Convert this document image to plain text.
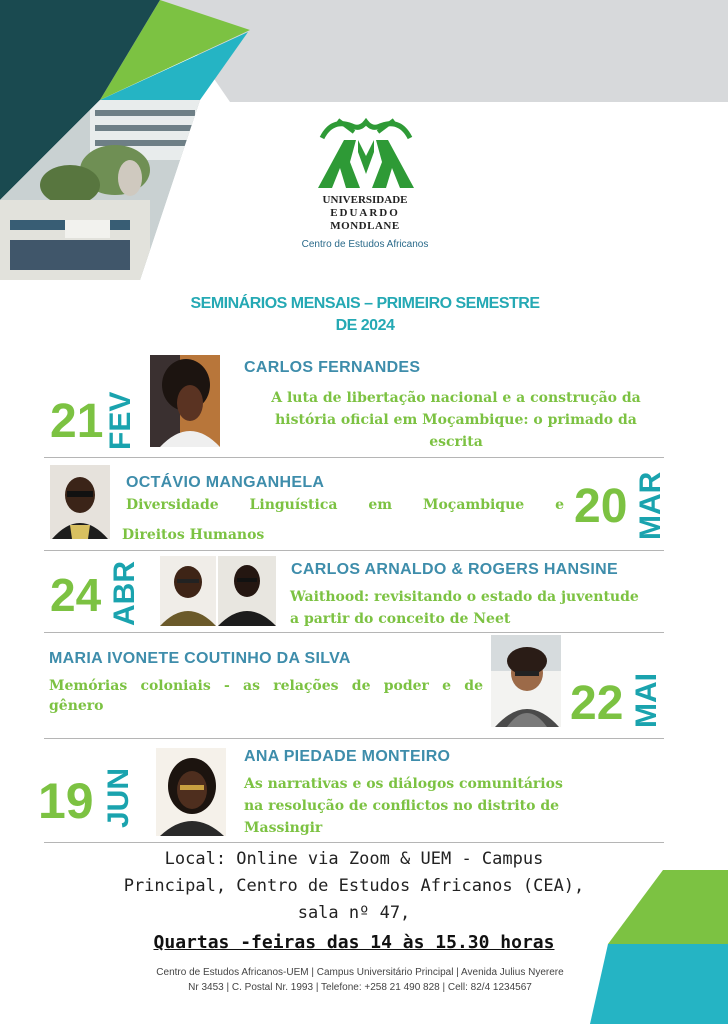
UNIVERSIDADE
EDUARDO
MONDLANE
Centro de Estudos Africanos
SEMINÁRIOS MENSAIS – PRIMEIRO SEMESTRE
DE 2024
21 FEV
CARLOS FERNANDES
A luta de libertação nacional e a construção da
história oficial em Moçambique: o primado da
escrita
OCTÁVIO MANGANHELA
Diversidade Linguística em Moçambique e
Direitos Humanos
20 MAR
24 ABR	CARLOS ARNALDO & ROGERS HANSINE
Waithood: revisitando o estado da juventude
a partir do conceito de Neet
MARIA IVONETE COUTINHO DA SILVA
Memórias coloniais - as relações de poder e de
gênero	22 MAI
19 JUN
ANA PIEDADE MONTEIRO
As narrativas e os diálogos comunitários
na resolução de conflictos no distrito de
Massingir
Local: Online via Zoom & UEM - Campus
Principal, Centro de Estudos Africanos (CEA),
sala nº 47,
Quartas -feiras das 14 às 15.30 horas
Centro de Estudos Africanos-UEM | Campus Universitário Principal | Avenida Julius Nyerere
Nr 3453 | C. Postal Nr. 1993 | Telefone: +258 21 490 828 | Cell: 82/4 1234567
